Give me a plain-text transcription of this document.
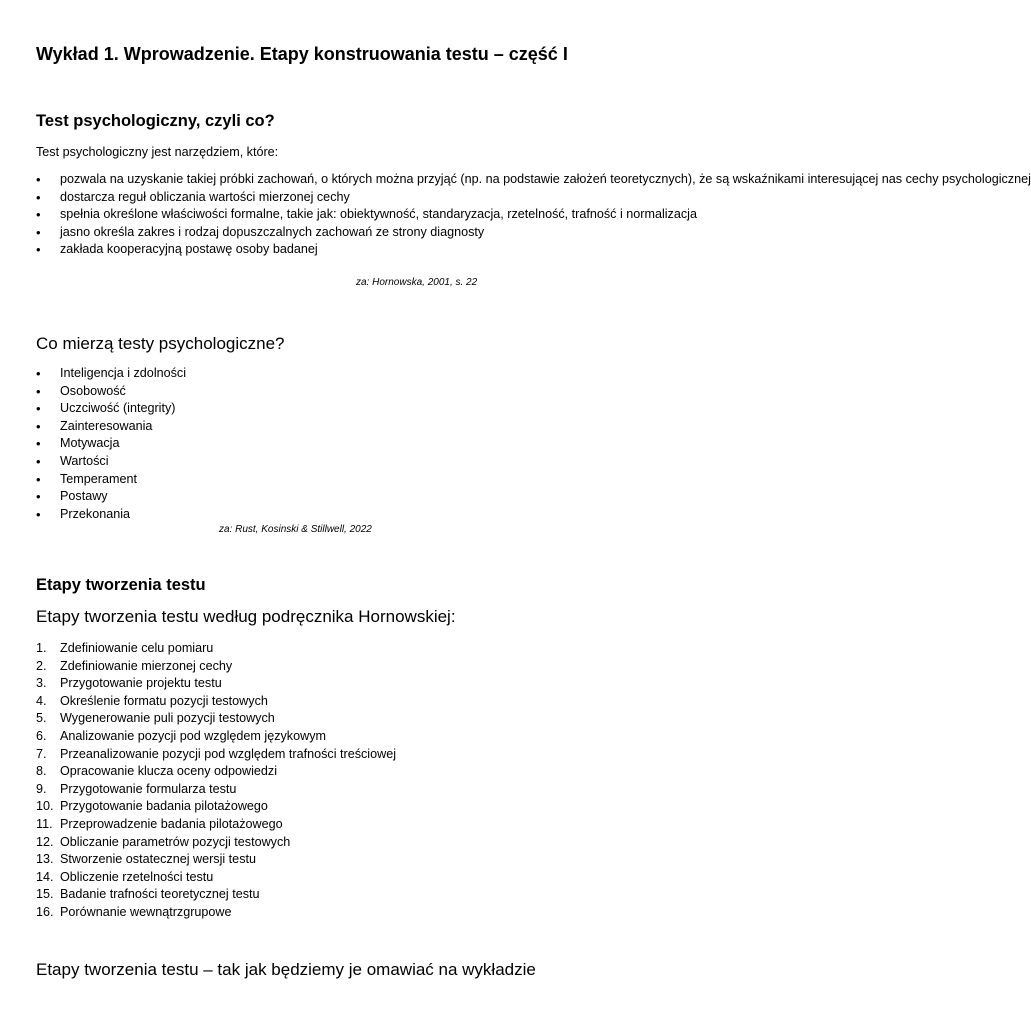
Wykład 1. Wprowadzenie. Etapy konstruowania testu – część I
Test psychologiczny, czyli co?
Test psychologiczny jest narzędziem, które:
• pozwala na uzyskanie takiej próbki zachowań, o których można przyjąć (np. na podstawie założeń teoretycznych), że są wskaźnikami interesującej nas cechy psychologicznej
• dostarcza reguł obliczania wartości mierzonej cechy
• spełnia określone właściwości formalne, takie jak: obiektywność, standaryzacja, rzetelność, trafność i normalizacja
• jasno określa zakres i rodzaj dopuszczalnych zachowań ze strony diagnosty
• zakłada kooperacyjną postawę osoby badanej
za: Hornowska, 2001, s. 22
Co mierzą testy psychologiczne?
• Inteligencja i zdolności
• Osobowość
• Uczciwość (integrity)
• Zainteresowania
• Motywacja
• Wartości
• Temperament
• Postawy
• Przekonania
za: Rust, Kosinski & Stillwell, 2022
Etapy tworzenia testu
Etapy tworzenia testu według podręcznika Hornowskiej:
1.	Zdefiniowanie celu pomiaru
2.	Zdefiniowanie mierzonej cechy
3.	Przygotowanie projektu testu
4.	Określenie formatu pozycji testowych
5.	Wygenerowanie puli pozycji testowych
6.	Analizowanie pozycji pod względem językowym
7.	Przeanalizowanie pozycji pod względem trafności treściowej
8.	Opracowanie klucza oceny odpowiedzi
9.	Przygotowanie formularza testu
10. Przygotowanie badania pilotażowego
11. Przeprowadzenie badania pilotażowego
12. Obliczanie parametrów pozycji testowych
13. Stworzenie ostatecznej wersji testu
14. Obliczenie rzetelności testu
15. Badanie trafności teoretycznej testu
16. Porównanie wewnątrzgrupowe
Etapy tworzenia testu – tak jak będziemy je omawiać na wykładzie
